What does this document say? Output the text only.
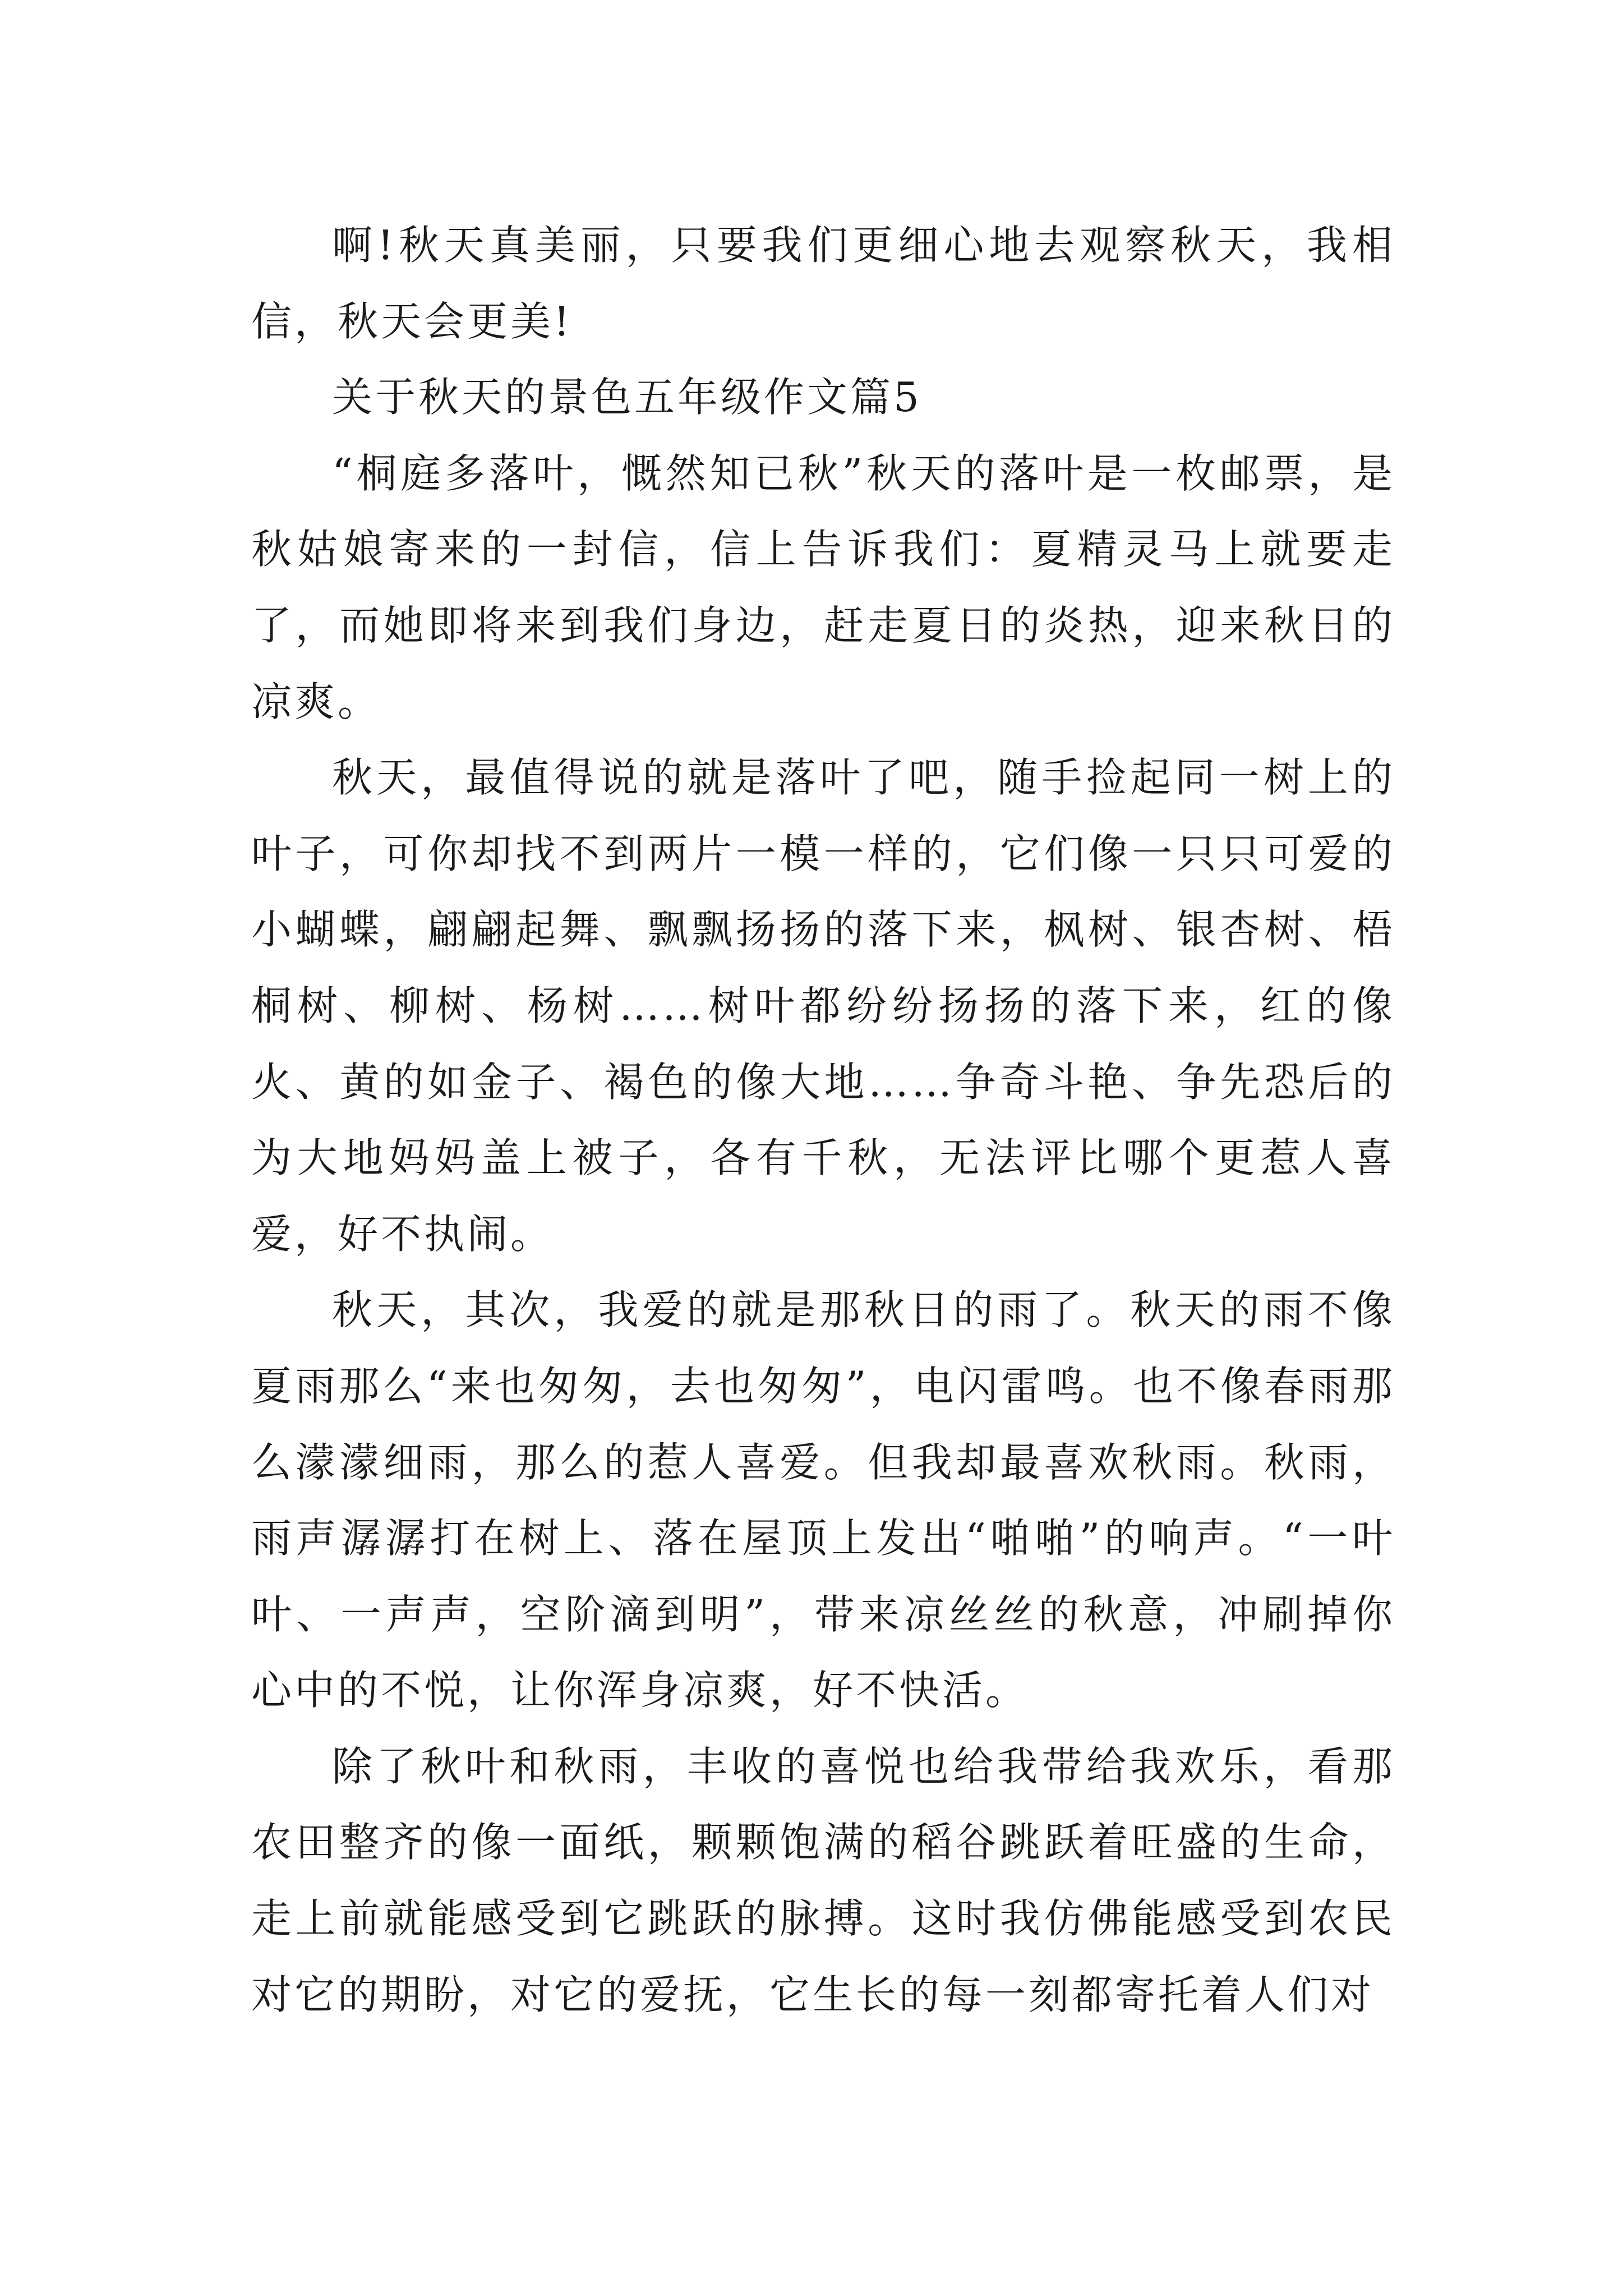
啊!秋天真美丽，只要我们更细心地去观察秋天，我相信，秋天会更美!

关于秋天的景色五年级作文篇5

“桐庭多落叶，慨然知已秋”秋天的落叶是一枚邮票，是秋姑娘寄来的一封信，信上告诉我们：夏精灵马上就要走了，而她即将来到我们身边，赶走夏日的炎热，迎来秋日的凉爽。

秋天，最值得说的就是落叶了吧，随手捡起同一树上的叶子，可你却找不到两片一模一样的，它们像一只只可爱的小蝴蝶，翩翩起舞、飘飘扬扬的落下来，枫树、银杏树、梧桐树、柳树、杨树……树叶都纷纷扬扬的落下来，红的像火、黄的如金子、褐色的像大地……争奇斗艳、争先恐后的为大地妈妈盖上被子，各有千秋，无法评比哪个更惹人喜爱，好不执闹。

秋天，其次，我爱的就是那秋日的雨了。秋天的雨不像夏雨那么“来也匆匆，去也匆匆”，电闪雷鸣。也不像春雨那么濛濛细雨，那么的惹人喜爱。但我却最喜欢秋雨。秋雨，雨声潺潺打在树上、落在屋顶上发出“啪啪”的响声。“一叶叶、一声声，空阶滴到明”，带来凉丝丝的秋意，冲刷掉你心中的不悦，让你浑身凉爽，好不快活。

除了秋叶和秋雨，丰收的喜悦也给我带给我欢乐，看那农田整齐的像一面纸，颗颗饱满的稻谷跳跃着旺盛的生命，走上前就能感受到它跳跃的脉搏。这时我仿佛能感受到农民对它的期盼，对它的爱抚，它生长的每一刻都寄托着人们对
